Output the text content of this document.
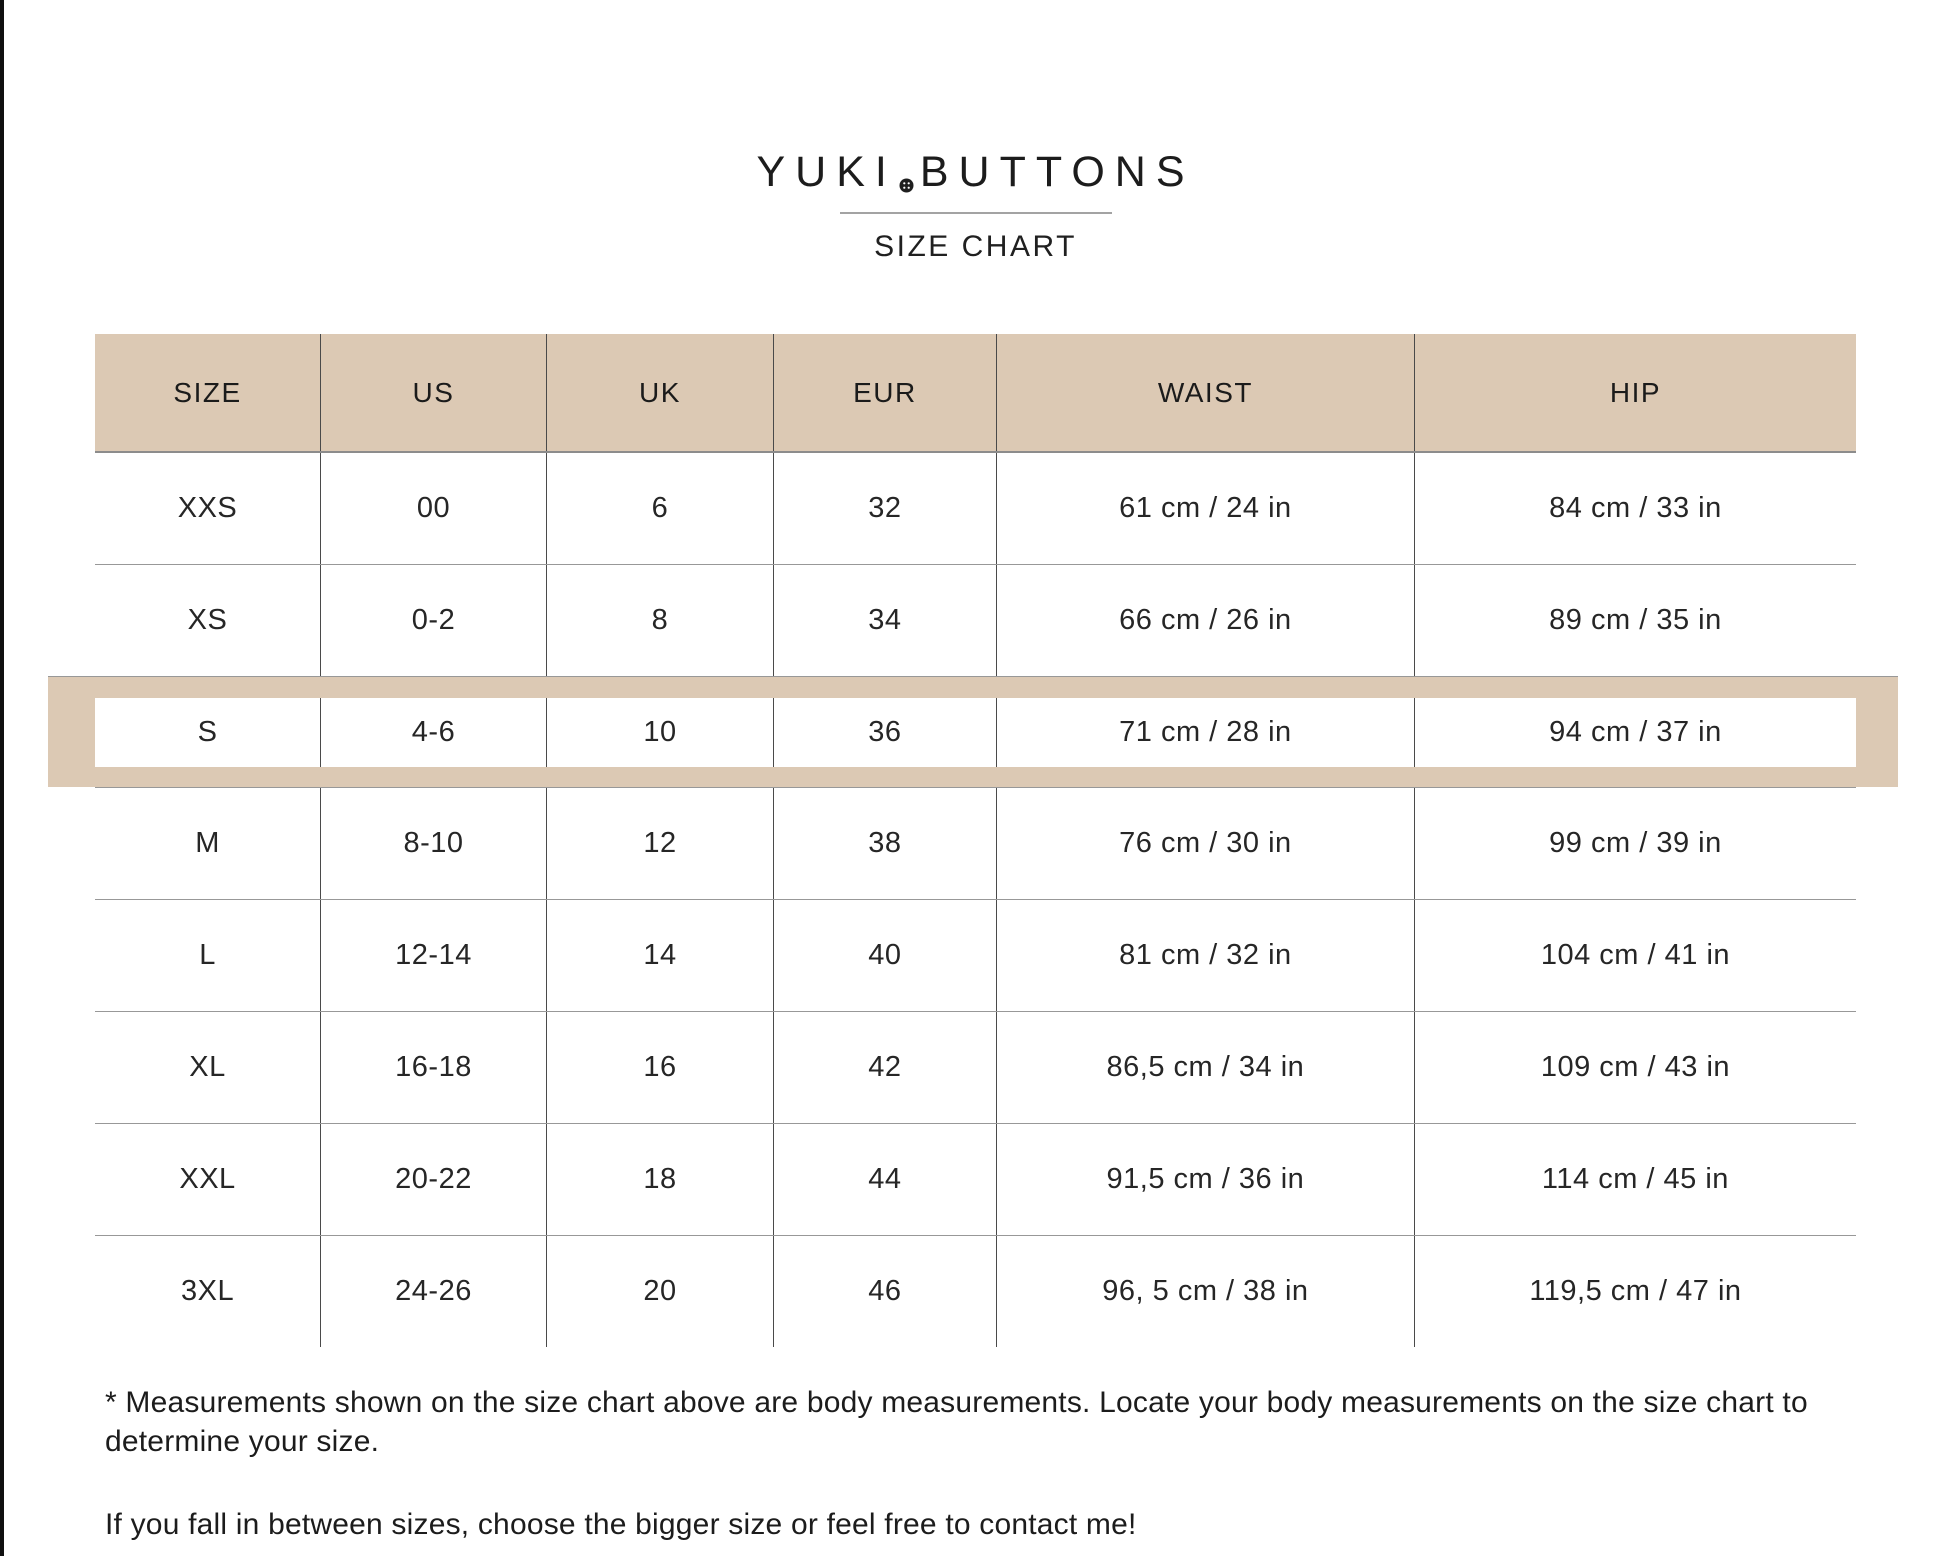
YUKI BUTTONS
SIZE CHART
SIZE	US	UK	EUR	WAIST	HIP
XXS	00	6	32	61 cm / 24 in	84 cm / 33 in
XS	0-2	8	34	66 cm / 26 in	89 cm / 35 in
S	4-6	10	36	71 cm / 28 in	94 cm / 37 in
M	8-10	12	38	76 cm / 30 in	99 cm / 39 in
L	12-14	14	40	81 cm / 32 in	104 cm / 41 in
XL	16-18	16	42	86,5 cm / 34 in	109 cm / 43 in
XXL	20-22	18	44	91,5 cm / 36 in	114 cm / 45 in
3XL	24-26	20	46	96, 5 cm / 38 in	119,5 cm / 47 in
* Measurements shown on the size chart above are body measurements. Locate your body measurements on the size chart to determine your size.
If you fall in between sizes, choose the bigger size or feel free to contact me!
